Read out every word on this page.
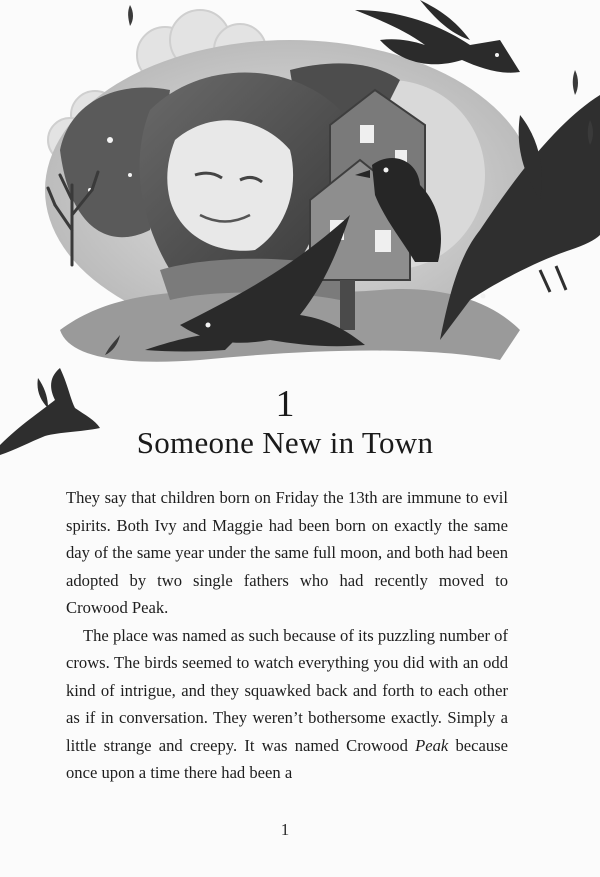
1
Someone New in Town

They say that children born on Friday the 13th are immune to evil spirits. Both Ivy and Maggie had been born on exactly the same day of the same year under the same full moon, and both had been adopted by two single fathers who had recently moved to Crowood Peak.

The place was named as such because of its puzzling number of crows. The birds seemed to watch everything you did with an odd kind of intrigue, and they squawked back and forth to each other as if in conversation. They weren’t bothersome exactly. Simply a little strange and creepy. It was named Crowood Peak because once upon a time there had been a

1
